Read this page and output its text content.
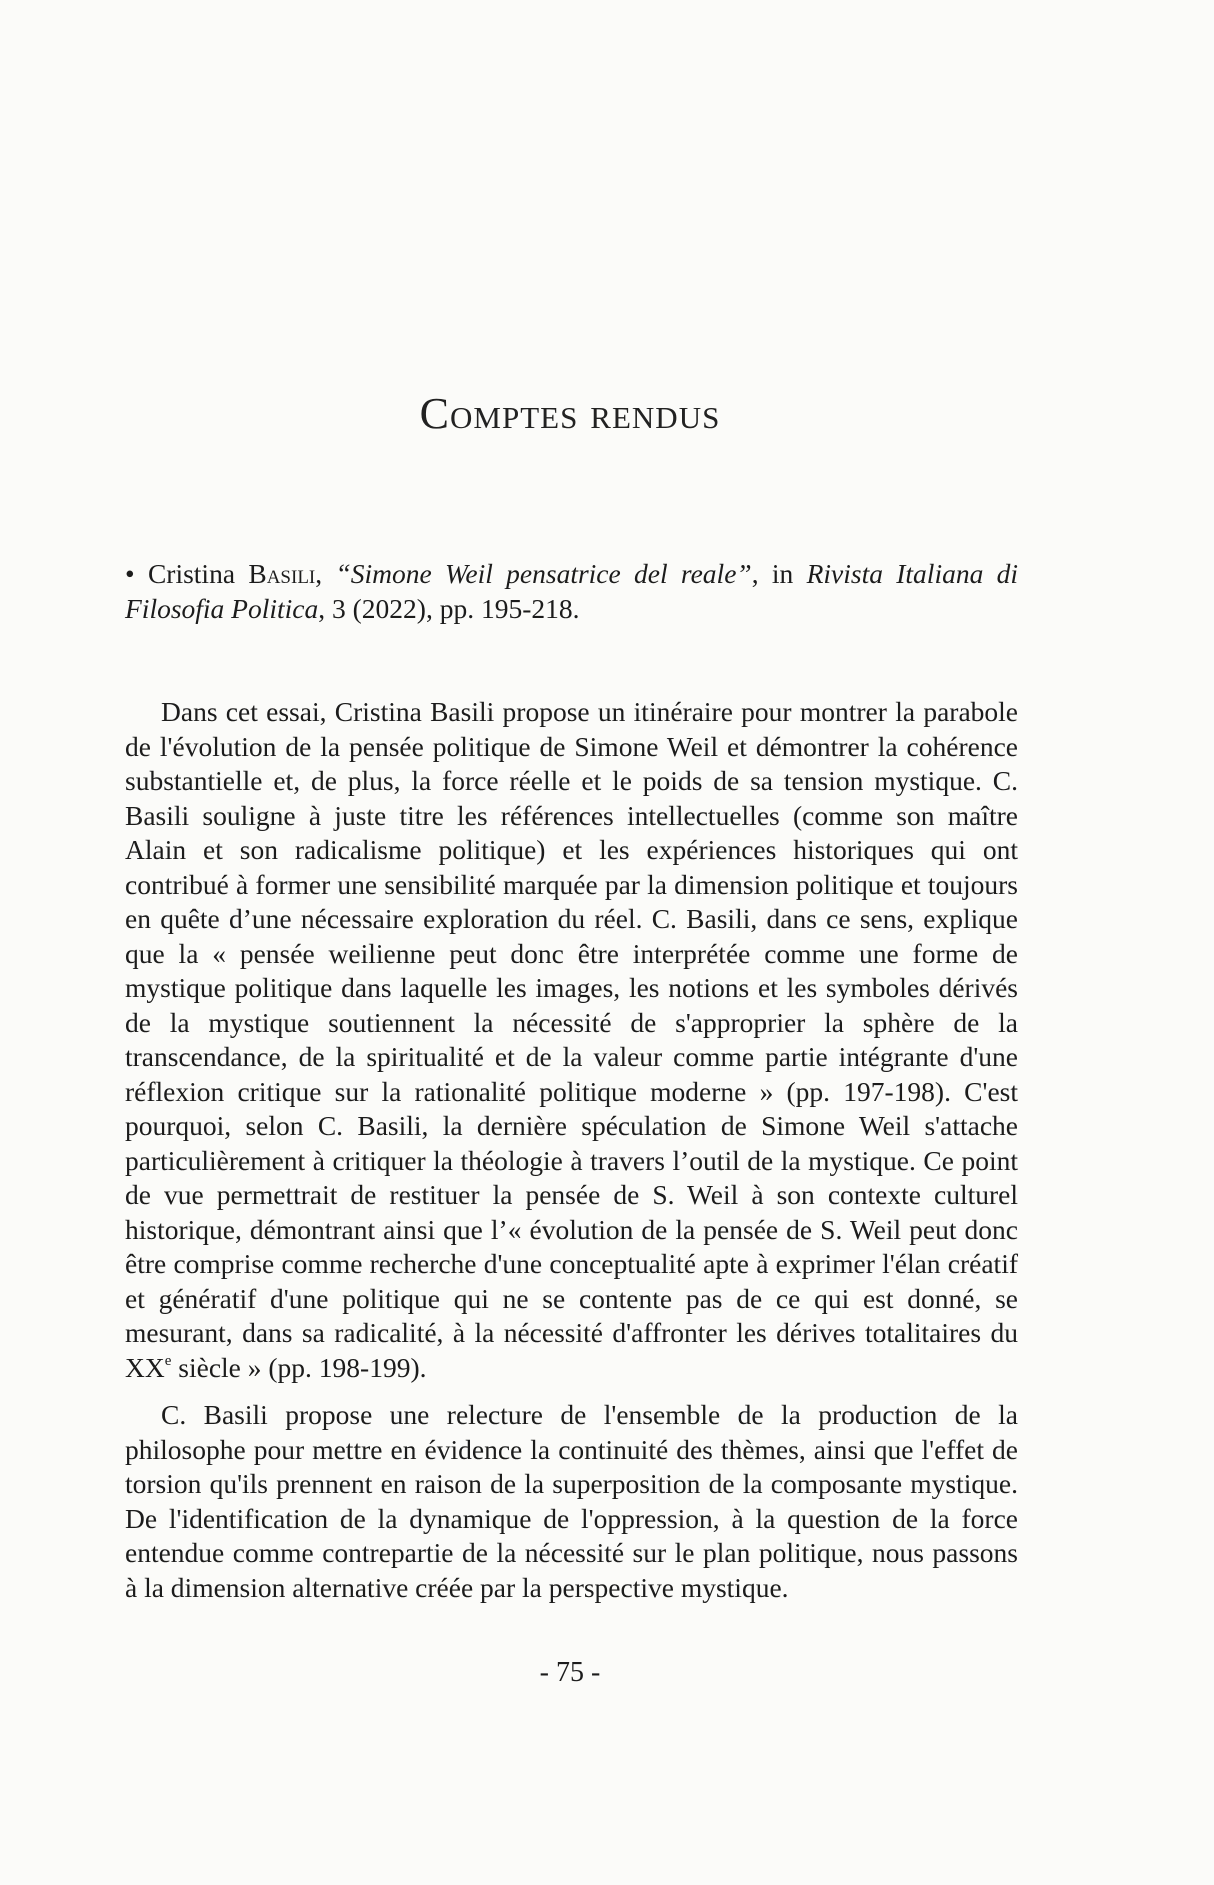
Comptes rendus
• Cristina Basili, “Simone Weil pensatrice del reale”, in Rivista Italiana di Filosofia Politica, 3 (2022), pp. 195-218.

Dans cet essai, Cristina Basili propose un itinéraire pour montrer la parabole de l'évolution de la pensée politique de Simone Weil et démontrer la cohérence substantielle et, de plus, la force réelle et le poids de sa tension mystique. C. Basili souligne à juste titre les références intellectuelles (comme son maître Alain et son radicalisme politique) et les expériences historiques qui ont contribué à former une sensibilité marquée par la dimension politique et toujours en quête d’une nécessaire exploration du réel. C. Basili, dans ce sens, explique que la « pensée weilienne peut donc être interprétée comme une forme de mystique politique dans laquelle les images, les notions et les symboles dérivés de la mystique soutiennent la nécessité de s'approprier la sphère de la transcendance, de la spiritualité et de la valeur comme partie intégrante d'une réflexion critique sur la rationalité politique moderne » (pp. 197-198). C'est pourquoi, selon C. Basili, la dernière spéculation de Simone Weil s'attache particulièrement à critiquer la théologie à travers l’outil de la mystique. Ce point de vue permettrait de restituer la pensée de S. Weil à son contexte culturel historique, démontrant ainsi que l’« évolution de la pensée de S. Weil peut donc être comprise comme recherche d'une conceptualité apte à exprimer l'élan créatif et génératif d'une politique qui ne se contente pas de ce qui est donné, se mesurant, dans sa radicalité, à la nécessité d'affronter les dérives totalitaires du XXe siècle » (pp. 198-199).

C. Basili propose une relecture de l'ensemble de la production de la philosophe pour mettre en évidence la continuité des thèmes, ainsi que l'effet de torsion qu'ils prennent en raison de la superposition de la composante mystique. De l'identification de la dynamique de l'oppression, à la question de la force entendue comme contrepartie de la nécessité sur le plan politique, nous passons à la dimension alternative créée par la perspective mystique.

- 75 -
